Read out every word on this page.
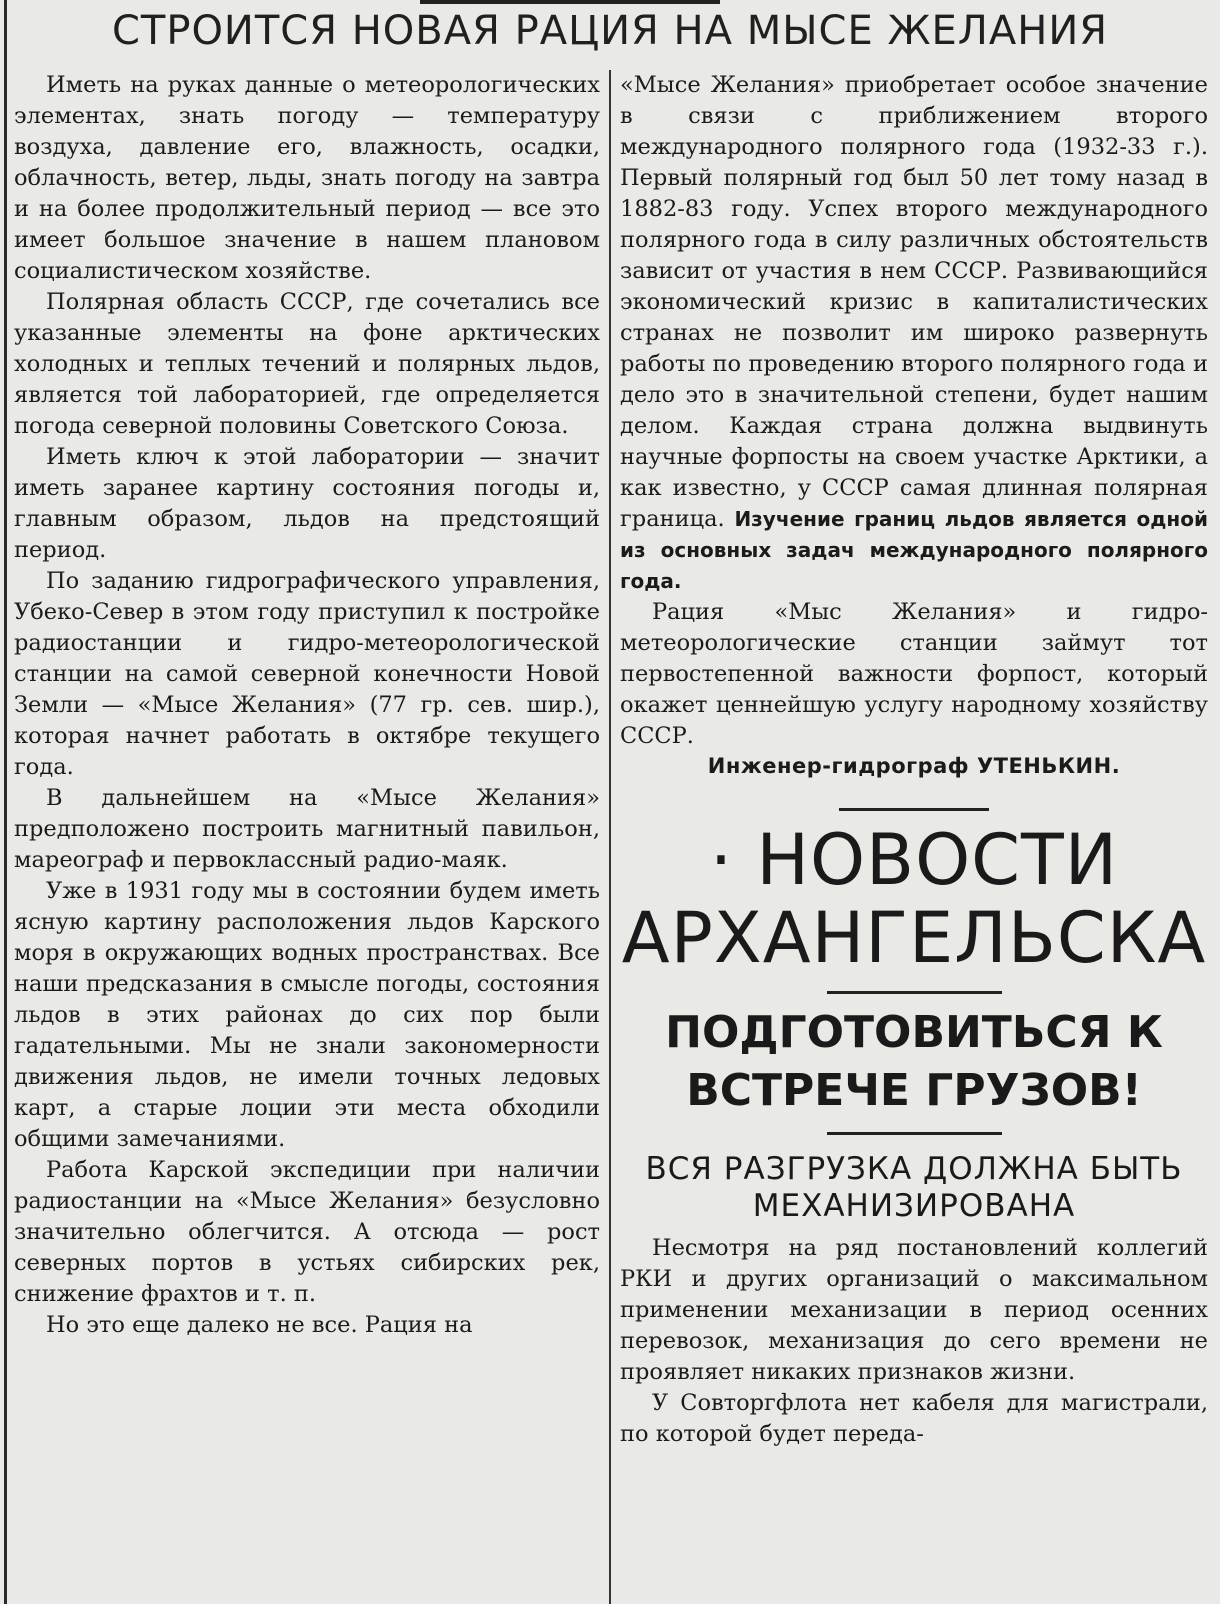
СТРОИТСЯ НОВАЯ РАЦИЯ НА МЫСЕ ЖЕЛАНИЯ

Иметь на руках данные о метеорологических элементах, знать погоду — температуру воздуха, давление его, влажность, осадки, облачность, ветер, льды, знать погоду на завтра и на более продолжительный период — все это имеет большое значение в нашем плановом социалистическом хозяйстве.

Полярная область СССР, где сочетались все указанные элементы на фоне арктических холодных и теплых течений и полярных льдов, является той лабораторией, где определяется погода северной половины Советского Союза.

Иметь ключ к этой лаборатории — значит иметь заранее картину состояния погоды и, главным образом, льдов на предстоящий период.

По заданию гидрографического управления, Убеко-Север в этом году приступил к постройке радиостанции и гидро-метеорологической станции на самой северной конечности Новой Земли — «Мысе Желания» (77 гр. сев. шир.), которая начнет работать в октябре текущего года.

В дальнейшем на «Мысе Желания» предположено построить магнитный павильон, мареограф и первоклассный радио-маяк.

Уже в 1931 году мы в состоянии будем иметь ясную картину расположения льдов Карского моря в окружающих водных пространствах. Все наши предсказания в смысле погоды, состояния льдов в этих районах до сих пор были гадательными. Мы не знали закономерности движения льдов, не имели точных ледовых карт, а старые лоции эти места обходили общими замечаниями.

Работа Карской экспедиции при наличии радиостанции на «Мысе Желания» безусловно значительно облегчится. А отсюда — рост северных портов в устьях сибирских рек, снижение фрахтов и т. п.

Но это еще далеко не все. Рация на

«Мысе Желания» приобретает особое значение в связи с приближением второго международного полярного года (1932-33 г.). Первый полярный год был 50 лет тому назад в 1882-83 году. Успех второго международного полярного года в силу различных обстоятельств зависит от участия в нем СССР. Развивающийся экономический кризис в капиталистических странах не позволит им широко развернуть работы по проведению второго полярного года и дело это в значительной степени, будет нашим делом. Каждая страна должна выдвинуть научные форпосты на своем участке Арктики, а как известно, у СССР самая длинная полярная граница. Изучение границ льдов является одной из основных задач международного полярного года.

Рация «Мыс Желания» и гидро-метеорологические станции займут тот первостепенной важности форпост, который окажет ценнейшую услугу народному хозяйству СССР.

Инженер-гидрограф УТЕНЬКИН.
· НОВОСТИ АРХАНГЕЛЬСКА
ПОДГОТОВИТЬСЯ К ВСТРЕЧЕ ГРУЗОВ!
ВСЯ РАЗГРУЗКА ДОЛЖНА БЫТЬ МЕХАНИЗИРОВАНА

Несмотря на ряд постановлений коллегий РКИ и других организаций о максимальном применении механизации в период осенних перевозок, механизация до сего времени не проявляет никаких признаков жизни.

У Совторгфлота нет кабеля для магистрали, по которой будет переда-
